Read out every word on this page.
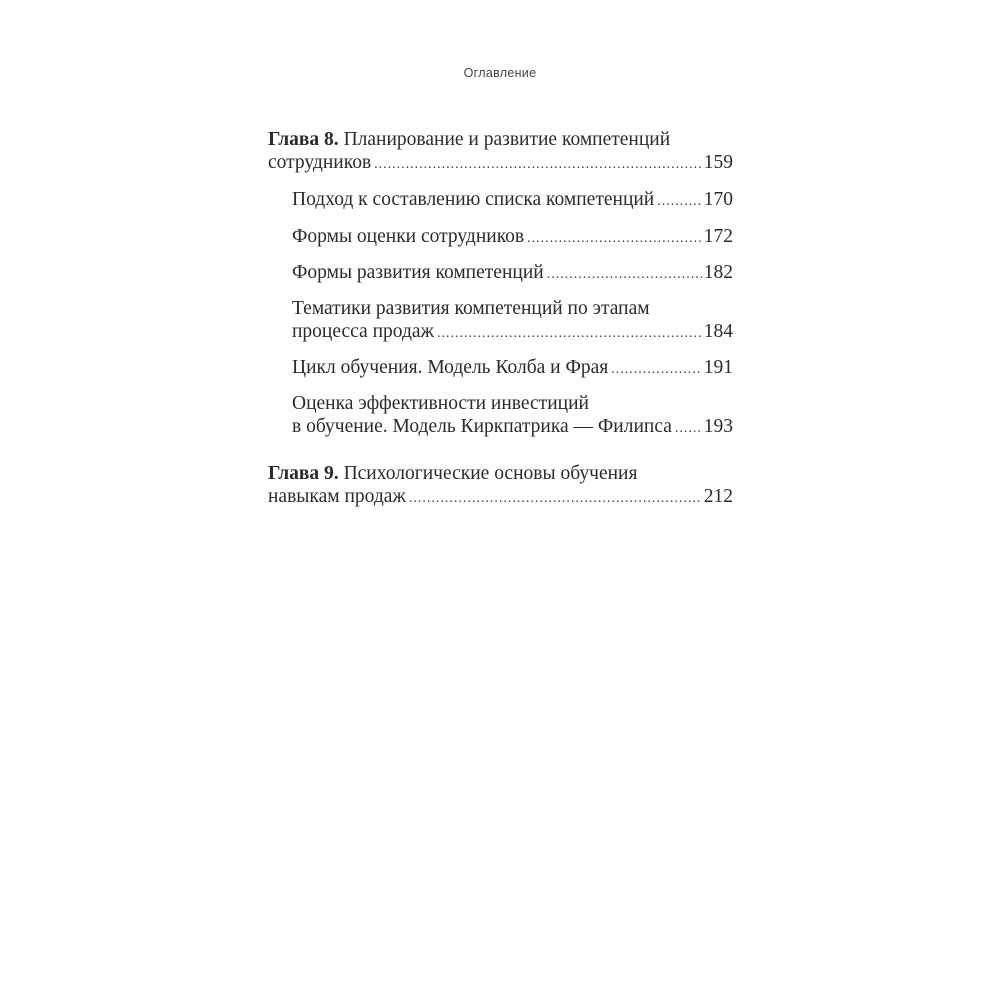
Оглавление
Глава 8. Планирование и развитие компетенций
сотрудников .....	159
Подход к составлению списка компетенций .....	170
Формы оценки сотрудников .....	172
Формы развития компетенций .....	182
Тематики развития компетенций по этапам
процесса продаж .....	184
Цикл обучения. Модель Колба и Фрая .....	191
Оценка эффективности инвестиций
в обучение. Модель Киркпатрика — Филипса ..... 193
Глава 9. Психологические основы обучения
навыкам продаж .....	212
